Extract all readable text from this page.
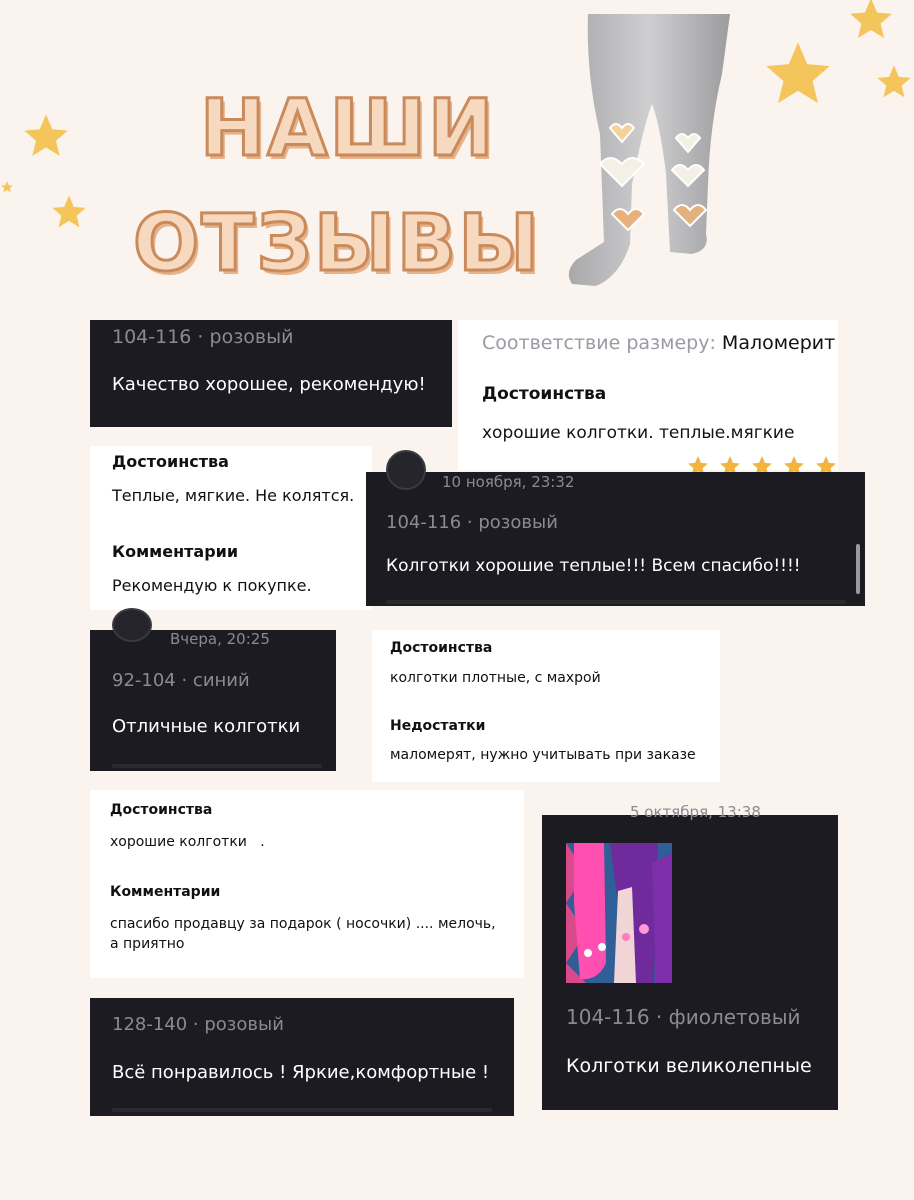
НАШИ
ОТЗЫВЫ
104-116 · розовый
Качество хорошее, рекомендую!
Соответствие размеру: Маломерит
Достоинства
хорошие колготки. теплые.мягкие
Достоинства
Теплые, мягкие. Не колятся.
Комментарии
Рекомендую к покупке.
10 ноября, 23:32
104-116 · розовый
Колготки хорошие теплые!!! Всем спасибо!!!!
Вчера, 20:25
92-104 · синий
Отличные колготки
Достоинства
колготки плотные, с махрой
Недостатки
маломерят, нужно учитывать при заказе
Достоинства
хорошие колготки   .
Комментарии
спасибо продавцу за подарок ( носочки) .... мелочь,
а приятно
5 октября, 13:38
104-116 · фиолетовый
Колготки великолепные
128-140 · розовый
Всё понравилось ! Яркие,комфортные !
